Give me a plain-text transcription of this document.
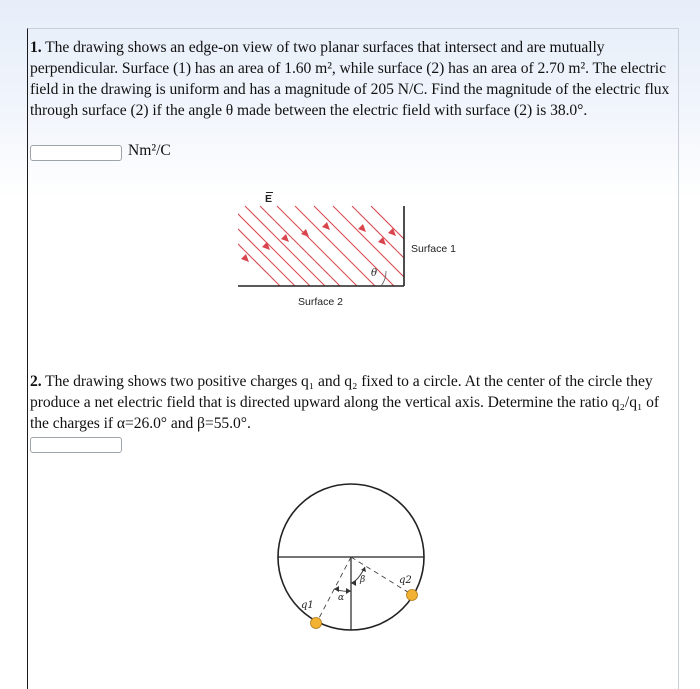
1. The drawing shows an edge-on view of two planar surfaces that intersect and are mutually perpendicular. Surface (1) has an area of 1.60 m², while surface (2) has an area of 2.70 m². The electric field in the drawing is uniform and has a magnitude of 205 N/C. Find the magnitude of the electric flux through surface (2) if the angle θ made between the electric field with surface (2) is 38.0°.
Nm²/C
E
θ
Surface 1
Surface 2
2. The drawing shows two positive charges q₁ and q₂ fixed to a circle. At the center of the circle they produce a net electric field that is directed upward along the vertical axis. Determine the ratio q₂/q₁ of the charges if α=26.0° and β=55.0°.
q1
q2
α
β
